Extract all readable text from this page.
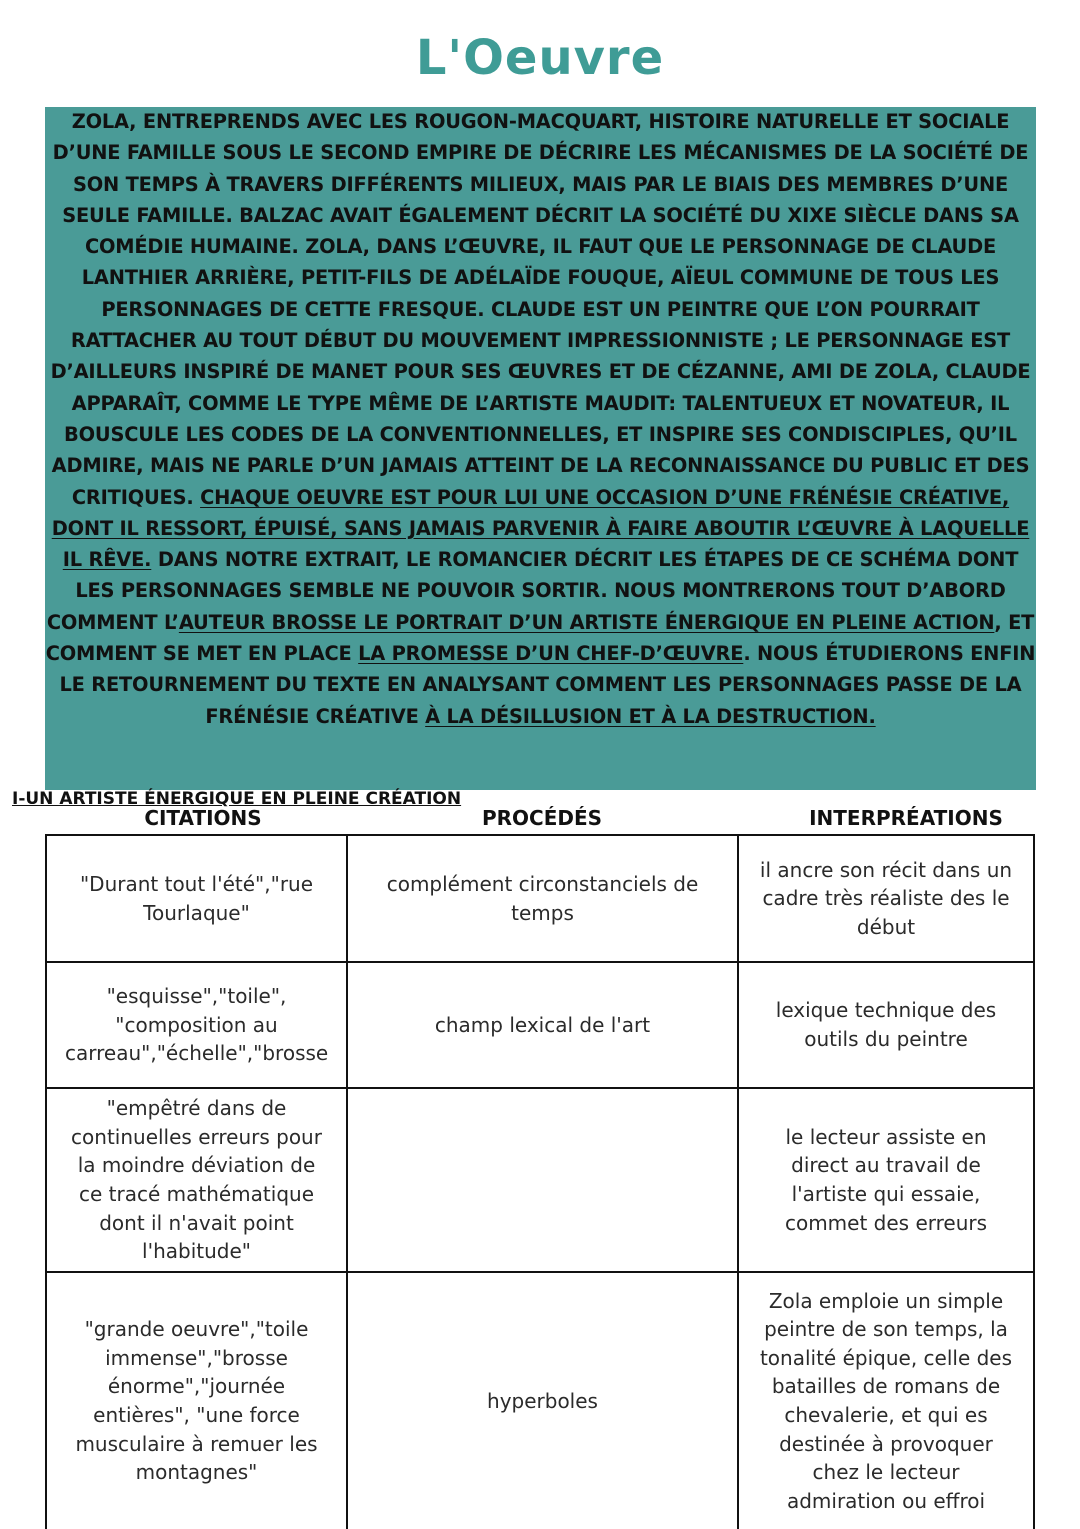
L'Oeuvre
ZOLA, ENTREPRENDS AVEC LES ROUGON-MACQUART, HISTOIRE NATURELLE ET SOCIALE D’UNE FAMILLE SOUS LE SECOND EMPIRE DE DÉCRIRE LES MÉCANISMES DE LA SOCIÉTÉ DE SON TEMPS À TRAVERS DIFFÉRENTS MILIEUX, MAIS PAR LE BIAIS DES MEMBRES D’UNE SEULE FAMILLE. BALZAC AVAIT ÉGALEMENT DÉCRIT LA SOCIÉTÉ DU XIXE SIÈCLE DANS SA COMÉDIE HUMAINE. ZOLA, DANS L’ŒUVRE, IL FAUT QUE LE PERSONNAGE DE CLAUDE LANTHIER ARRIÈRE, PETIT-FILS DE ADÉLAÏDE FOUQUE, AÏEUL COMMUNE DE TOUS LES PERSONNAGES DE CETTE FRESQUE. CLAUDE EST UN PEINTRE QUE L’ON POURRAIT RATTACHER AU TOUT DÉBUT DU MOUVEMENT IMPRESSIONNISTE ; LE PERSONNAGE EST D’AILLEURS INSPIRÉ DE MANET POUR SES ŒUVRES ET DE CÉZANNE, AMI DE ZOLA, CLAUDE APPARAÎT, COMME LE TYPE MÊME DE L’ARTISTE MAUDIT: TALENTUEUX ET NOVATEUR, IL BOUSCULE LES CODES DE LA CONVENTIONNELLES, ET INSPIRE SES CONDISCIPLES, QU’IL ADMIRE, MAIS NE PARLE D’UN JAMAIS ATTEINT DE LA RECONNAISSANCE DU PUBLIC ET DES CRITIQUES. CHAQUE OEUVRE EST POUR LUI UNE OCCASION D’UNE FRÉNÉSIE CRÉATIVE, DONT IL RESSORT, ÉPUISÉ, SANS JAMAIS PARVENIR À FAIRE ABOUTIR L’ŒUVRE À LAQUELLE IL RÊVE. DANS NOTRE EXTRAIT, LE ROMANCIER DÉCRIT LES ÉTAPES DE CE SCHÉMA DONT LES PERSONNAGES SEMBLE NE POUVOIR SORTIR. NOUS MONTRERONS TOUT D’ABORD COMMENT L’AUTEUR BROSSE LE PORTRAIT D’UN ARTISTE ÉNERGIQUE EN PLEINE ACTION, ET COMMENT SE MET EN PLACE LA PROMESSE D’UN CHEF-D’ŒUVRE. NOUS ÉTUDIERONS ENFIN LE RETOURNEMENT DU TEXTE EN ANALYSANT COMMENT LES PERSONNAGES PASSE DE LA FRÉNÉSIE CRÉATIVE À LA DÉSILLUSION ET À LA DESTRUCTION.
I-UN ARTISTE ÉNERGIQUE EN PLEINE CRÉATION
CITATIONS	PROCÉDÉS	INTERPRÉATIONS
"Durant tout l'été","rue Tourlaque"	complément circonstanciels de temps	il ancre son récit dans un cadre très réaliste des le début
"esquisse","toile", "composition au carreau","échelle","brosse	champ lexical de l'art	lexique technique des outils du peintre
"empêtré dans de continuelles erreurs pour la moindre déviation de ce tracé mathématique dont il n'avait point l'habitude"		le lecteur assiste en direct au travail de l'artiste qui essaie, commet des erreurs
"grande oeuvre","toile immense","brosse énorme","journée entières", "une force musculaire à remuer les montagnes"	hyperboles	Zola emploie un simple peintre de son temps, la tonalité épique, celle des batailles de romans de chevalerie, et qui es destinée à provoquer chez le lecteur admiration ou effroi
